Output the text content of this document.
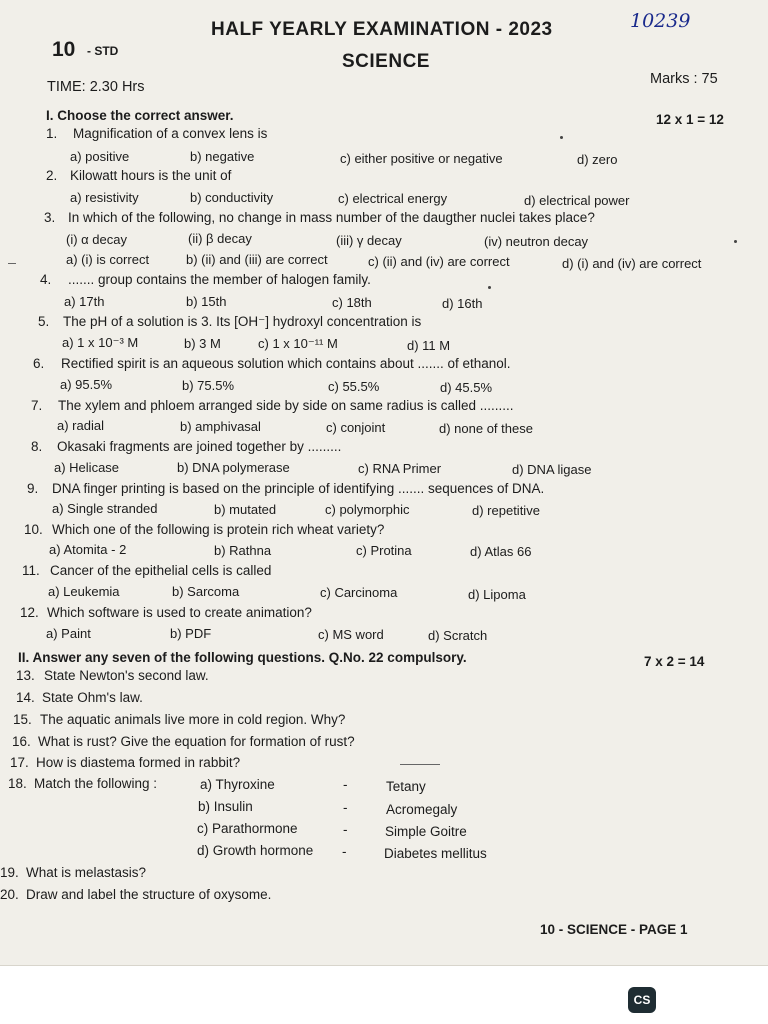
HALF YEARLY EXAMINATION - 2023	10239
10 - STD	SCIENCE
TIME: 2.30 Hrs	Marks : 75
I. Choose the correct answer.	12 x 1 = 12
1. Magnification of a convex lens is
a) positive	b) negative	c) either positive or negative	d) zero
2. Kilowatt hours is the unit of
a) resistivity	b) conductivity	c) electrical energy	d) electrical power
3. In which of the following, no change in mass number of the daugther nuclei takes place?
(i) α decay	(ii) β decay	(iii) γ decay	(iv) neutron decay
a) (i) is correct	b) (ii) and (iii) are correct	c) (ii) and (iv) are correct	d) (i) and (iv) are correct
4. ....... group contains the member of halogen family.
a) 17th	b) 15th	c) 18th	d) 16th
5. The pH of a solution is 3. Its [OH⁻] hydroxyl concentration is
a) 1 x 10⁻³ M	b) 3 M	c) 1 x 10⁻¹¹ M	d) 11 M
6. Rectified spirit is an aqueous solution which contains about ....... of ethanol.
a) 95.5%	b) 75.5%	c) 55.5%	d) 45.5%
7. The xylem and phloem arranged side by side on same radius is called .........
a) radial	b) amphivasal	c) conjoint	d) none of these
8. Okasaki fragments are joined together by .........
a) Helicase	b) DNA polymerase	c) RNA Primer	d) DNA ligase
9. DNA finger printing is based on the principle of identifying ....... sequences of DNA.
a) Single stranded	b) mutated	c) polymorphic	d) repetitive
10. Which one of the following is protein rich wheat variety?
a) Atomita - 2	b) Rathna	c) Protina	d) Atlas 66
11. Cancer of the epithelial cells is called
a) Leukemia	b) Sarcoma	c) Carcinoma	d) Lipoma
12. Which software is used to create animation?
a) Paint	b) PDF	c) MS word	d) Scratch
II. Answer any seven of the following questions. Q.No. 22 compulsory.	7 x 2 = 14
13. State Newton's second law.
14. State Ohm's law.
15. The aquatic animals live more in cold region. Why?
16. What is rust? Give the equation for formation of rust?
17. How is diastema formed in rabbit?
18. Match the following :	a) Thyroxine	-	Tetany
b) Insulin	-	Acromegaly
c) Parathormone	-	Simple Goitre
d) Growth hormone -	Diabetes mellitus
19. What is melastasis?
20. Draw and label the structure of oxysome.
10 - SCIENCE - PAGE 1
CS
